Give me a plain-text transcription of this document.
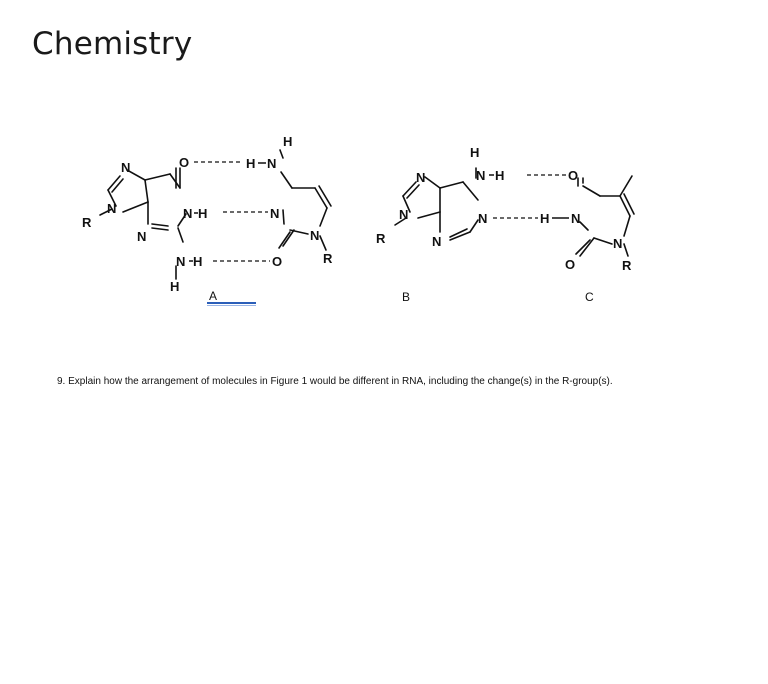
Chemistry
N
N
R
N
O
N H
N H
H
H
H N
N
N
O	R
N
N
R	N
H
N H
N
O
H N
N
O	R
A	B	C
9. Explain how the arrangement of molecules in Figure 1 would be different in RNA, including the change(s) in the R-group(s).
